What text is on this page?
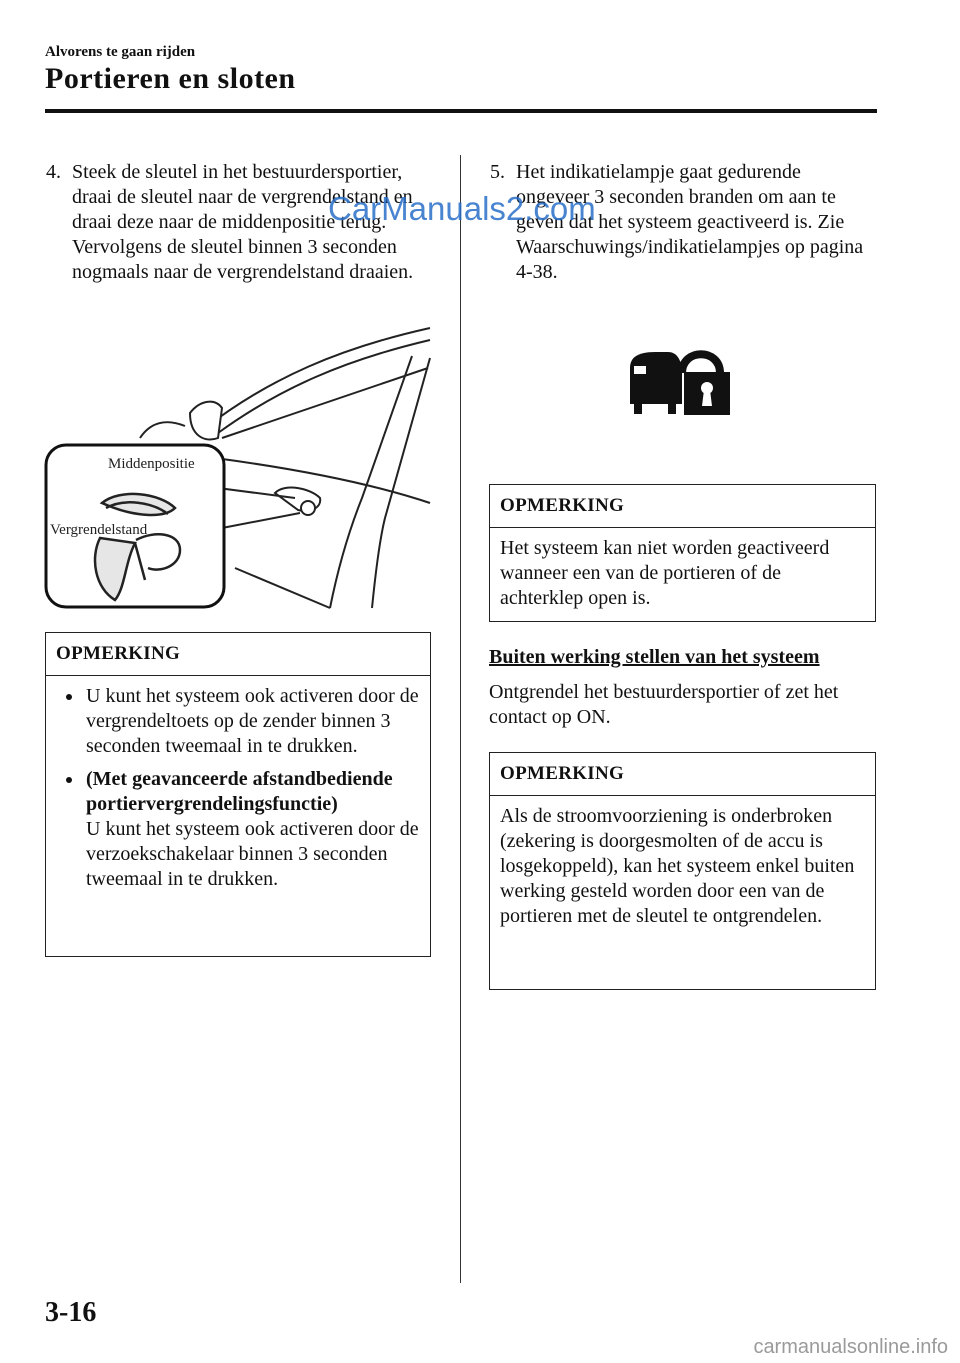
Alvorens te gaan rijden
Portieren en sloten
4. Steek de sleutel in het bestuurdersportier, draai de sleutel naar de vergrendelstand en draai deze naar de middenpositie terug. Vervolgens de sleutel binnen 3 seconden nogmaals naar de vergrendelstand draaien.
Middenpositie
Vergrendelstand
OPMERKING
U kunt het systeem ook activeren door de vergrendeltoets op de zender binnen 3 seconden tweemaal in te drukken.
(Met geavanceerde afstandbediende portiervergrendelingsfunctie)
U kunt het systeem ook activeren door de verzoekschakelaar binnen 3 seconden tweemaal in te drukken.
5. Het indikatielampje gaat gedurende ongeveer 3 seconden branden om aan te geven dat het systeem geactiveerd is. Zie Waarschuwings/indikatielampjes op pagina 4-38.
OPMERKING
Het systeem kan niet worden geactiveerd wanneer een van de portieren of de achterklep open is.
Buiten werking stellen van het systeem
Ontgrendel het bestuurdersportier of zet het contact op ON.
OPMERKING
Als de stroomvoorziening is onderbroken (zekering is doorgesmolten of de accu is losgekoppeld), kan het systeem enkel buiten werking gesteld worden door een van de portieren met de sleutel te ontgrendelen.
CarManuals2.com
3-16
carmanualsonline.info
